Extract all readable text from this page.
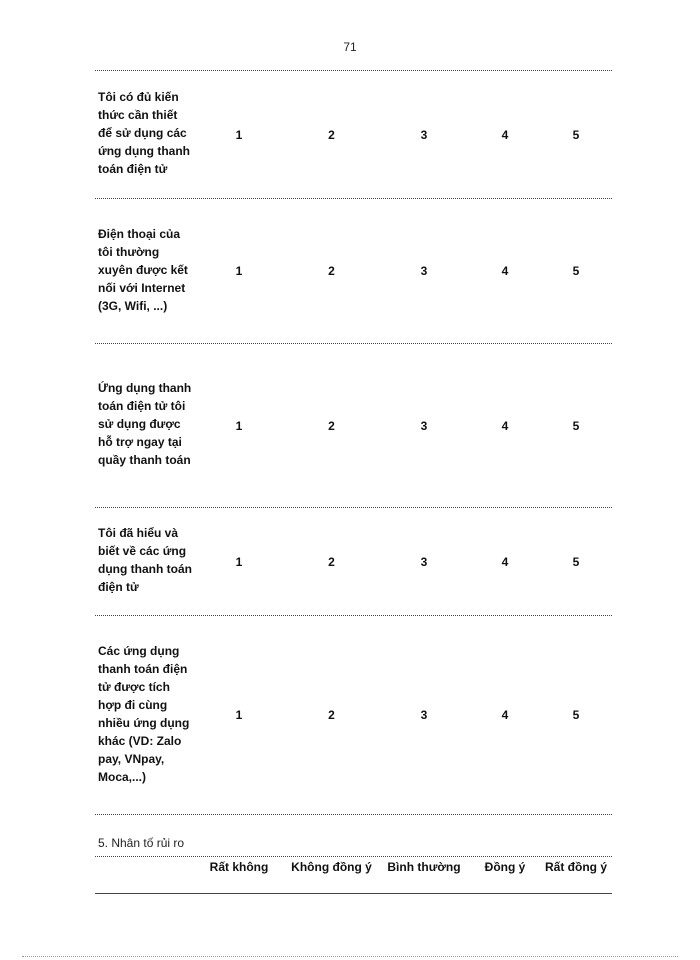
71
Tôi có đủ kiến thức cần thiết để sử dụng các ứng dụng thanh toán điện tử
1	2	3	4	5
Điện thoại của tôi thường xuyên được kết nối với Internet (3G, Wifi, ...)
1	2	3	4	5
Ứng dụng thanh toán điện tử tôi sử dụng được hỗ trợ ngay tại quầy thanh toán
1	2	3	4	5
Tôi đã hiểu và biết về các ứng dụng thanh toán điện tử
1	2	3	4	5
Các ứng dụng thanh toán điện tử được tích hợp đi cùng nhiều ứng dụng khác (VD: Zalo pay, VNpay, Moca,...)
1	2	3	4	5
5. Nhân tố rủi ro
Rất không	Không đồng ý	Bình thường	Đồng ý	Rất đồng ý
